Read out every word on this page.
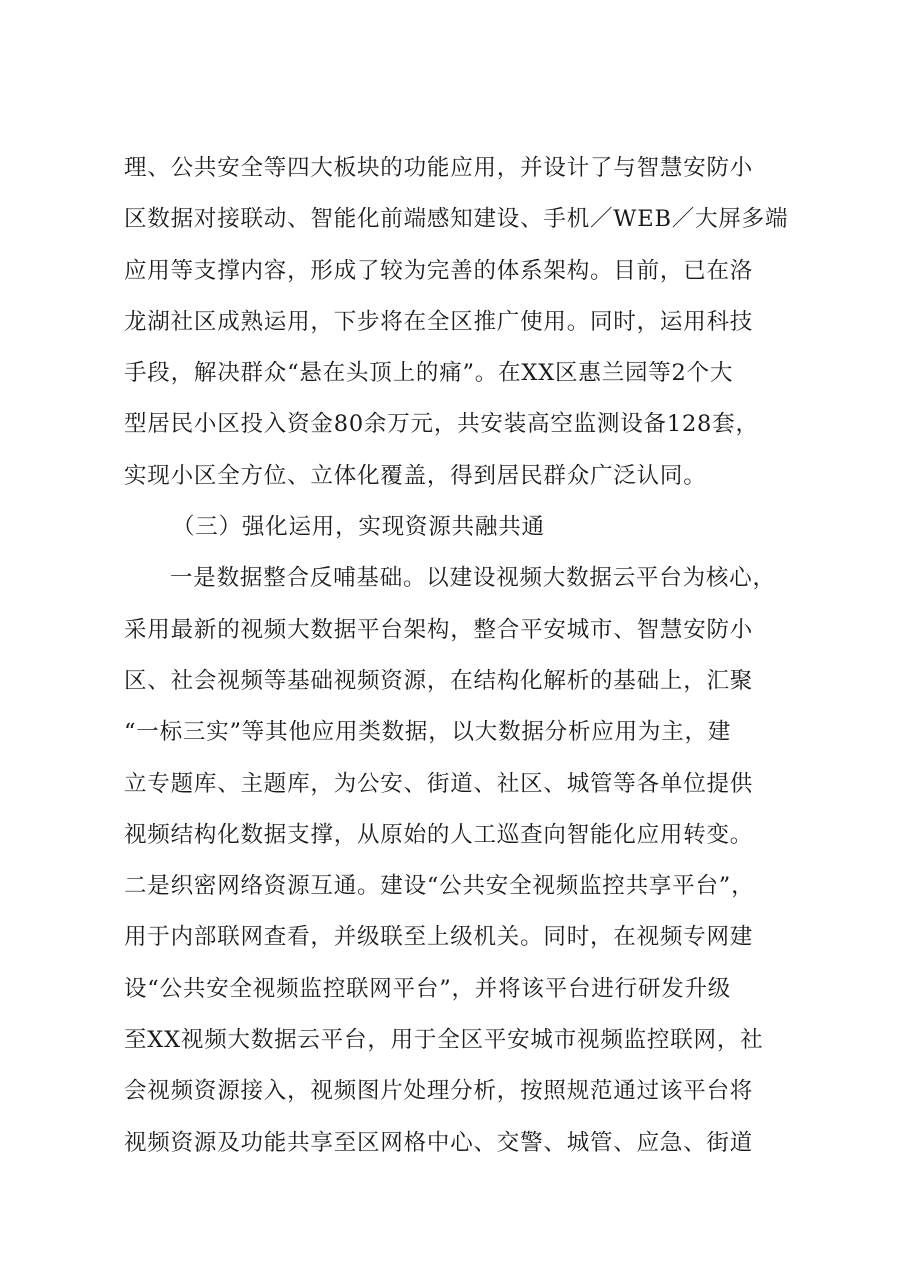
理、公共安全等四大板块的功能应用，并设计了与智慧安防小
区数据对接联动、智能化前端感知建设、手机／WEB／大屏多端
应用等支撑内容，形成了较为完善的体系架构。目前，已在洛
龙湖社区成熟运用，下步将在全区推广使用。同时，运用科技
手段，解决群众“悬在头顶上的痛”。在XX区惠兰园等2个大
型居民小区投入资金80余万元，共安装高空监测设备128套，
实现小区全方位、立体化覆盖，得到居民群众广泛认同。
（三）强化运用，实现资源共融共通
一是数据整合反哺基础。以建设视频大数据云平台为核心，
采用最新的视频大数据平台架构，整合平安城市、智慧安防小
区、社会视频等基础视频资源，在结构化解析的基础上，汇聚
“一标三实”等其他应用类数据，以大数据分析应用为主，建
立专题库、主题库，为公安、街道、社区、城管等各单位提供
视频结构化数据支撑，从原始的人工巡查向智能化应用转变。
二是织密网络资源互通。建设“公共安全视频监控共享平台”，
用于内部联网查看，并级联至上级机关。同时，在视频专网建
设“公共安全视频监控联网平台”，并将该平台进行研发升级
至XX视频大数据云平台，用于全区平安城市视频监控联网，社
会视频资源接入，视频图片处理分析，按照规范通过该平台将
视频资源及功能共享至区网格中心、交警、城管、应急、街道
